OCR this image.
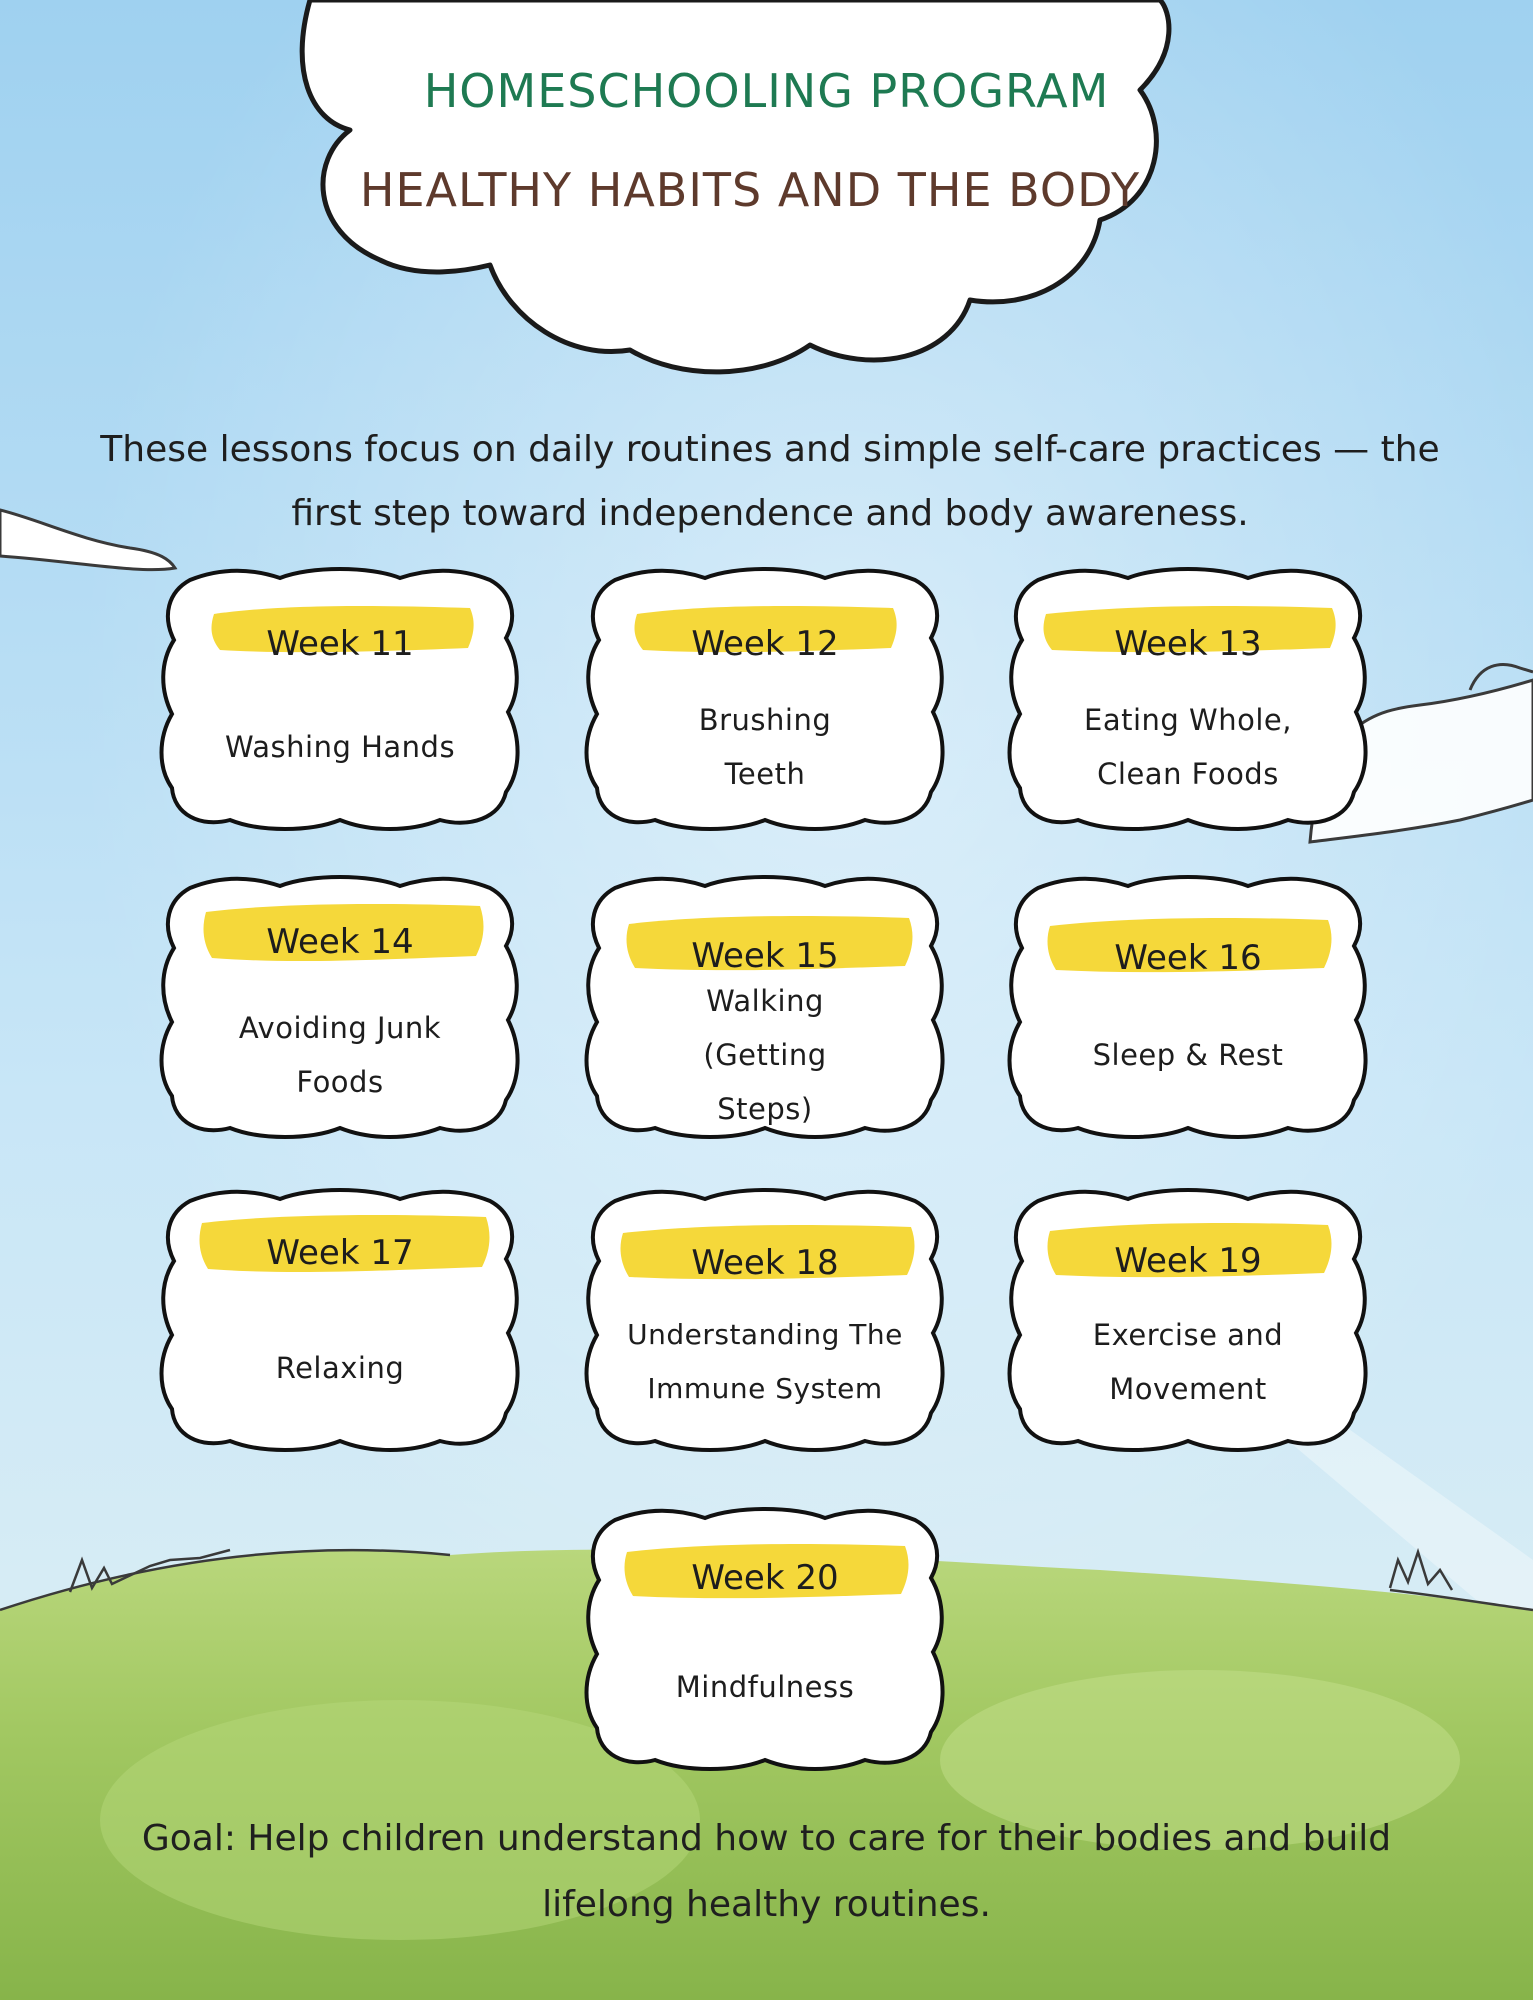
HOMESCHOOLING PROGRAM
HEALTHY HABITS AND THE BODY
These lessons focus on daily routines and simple self-care practices — the first step toward independence and body awareness.
Week 11
Washing Hands
Week 12
Brushing Teeth
Week 13
Eating Whole, Clean Foods
Week 14
Avoiding Junk Foods
Week 15
Walking (Getting Steps)
Week 16
Sleep & Rest
Week 17
Relaxing
Week 18
Understanding The Immune System
Week 19
Exercise and Movement
Week 20
Mindfulness
Goal: Help children understand how to care for their bodies and build lifelong healthy routines.
